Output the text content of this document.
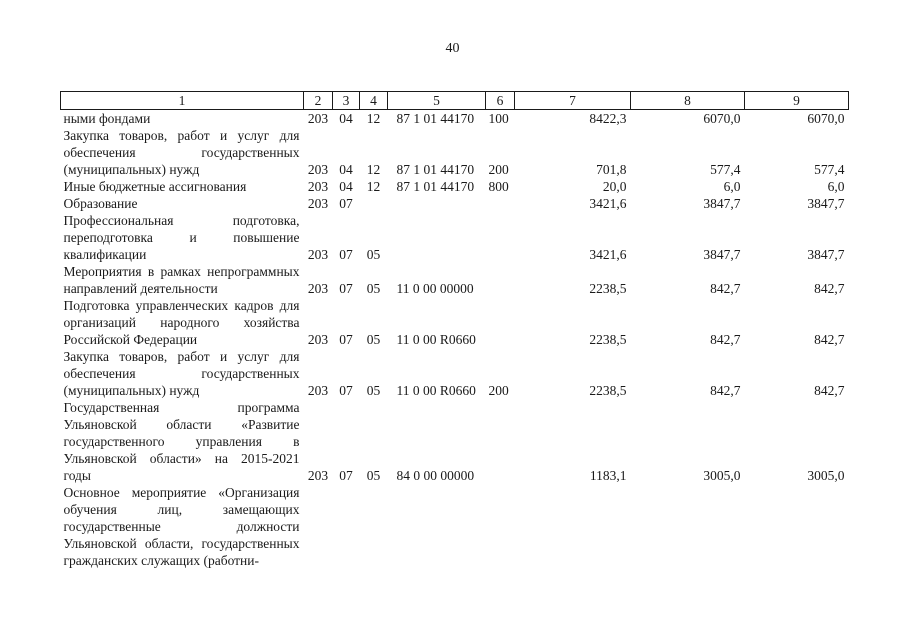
40
1	2	3	4	5	6	7	8	9
ными фондами	203	04	12	87 1 01 44170	100	8422,3	6070,0	6070,0
Закупка товаров, работ и услуг для обеспечения государственных (муниципальных) нужд	203	04	12	87 1 01 44170	200	701,8	577,4	577,4
Иные бюджетные ассигнования	203	04	12	87 1 01 44170	800	20,0	6,0	6,0
Образование	203	07				3421,6	3847,7	3847,7
Профессиональная подготовка, переподготовка и повышение квалификации	203	07	05			3421,6	3847,7	3847,7
Мероприятия в рамках непрограммных направлений деятельности	203	07	05	11 0 00 00000		2238,5	842,7	842,7
Подготовка управленческих кадров для организаций народного хозяйства Российской Федерации	203	07	05	11 0 00 R0660		2238,5	842,7	842,7
Закупка товаров, работ и услуг для обеспечения государственных (муниципальных) нужд	203	07	05	11 0 00 R0660	200	2238,5	842,7	842,7
Государственная программа Ульяновской области «Развитие государственного управления в Ульяновской области» на 2015-2021 годы	203	07	05	84 0 00 00000		1183,1	3005,0	3005,0
Основное мероприятие «Организация обучения лиц, замещающих государственные должности Ульяновской области, государственных гражданских служащих (работни-								
